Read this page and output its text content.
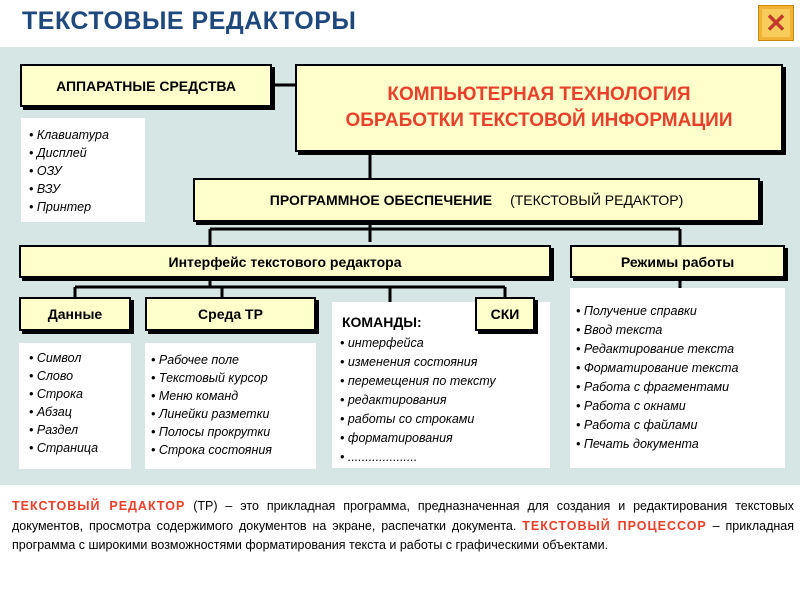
ТЕКСТОВЫЕ РЕДАКТОРЫ	✕
АППАРАТНЫЕ СРЕДСТВА
• Клавиатура
• Дисплей
• ОЗУ
• ВЗУ
• Принтер
КОМПЬЮТЕРНАЯ ТЕХНОЛОГИЯ
ОБРАБОТКИ ТЕКСТОВОЙ ИНФОРМАЦИИ
ПРОГРАММНОЕ ОБЕСПЕЧЕНИЕ (ТЕКСТОВЫЙ РЕДАКТОР)
Интерфейс текстового редактора	Режимы работы
• Получение справки
• Ввод текста
• Редактирование текста
• Форматирование текста
• Работа с фрагментами
• Работа с окнами
• Работа с файлами
• Печать документа
Данные
• Символ
• Слово
• Строка
• Абзац
• Раздел
• Страница
Среда ТР
• Рабочее поле
• Текстовый курсор
• Меню команд
• Линейки разметки
• Полосы прокрутки
• Строка состояния
КОМАНДЫ:
• интерфейса
• изменения состояния
• перемещения по тексту
• редактирования
• работы со строками
• форматирования
• ....................
СКИ
ТЕКСТОВЫЙ РЕДАКТОР (ТР) – это прикладная программа, предназначенная для создания и редактирования текстовых документов, просмотра содержимого документов на экране, распечатки документа. ТЕКСТОВЫЙ ПРОЦЕССОР – прикладная программа с широкими возможностями форматирования текста и работы с графическими объектами.
